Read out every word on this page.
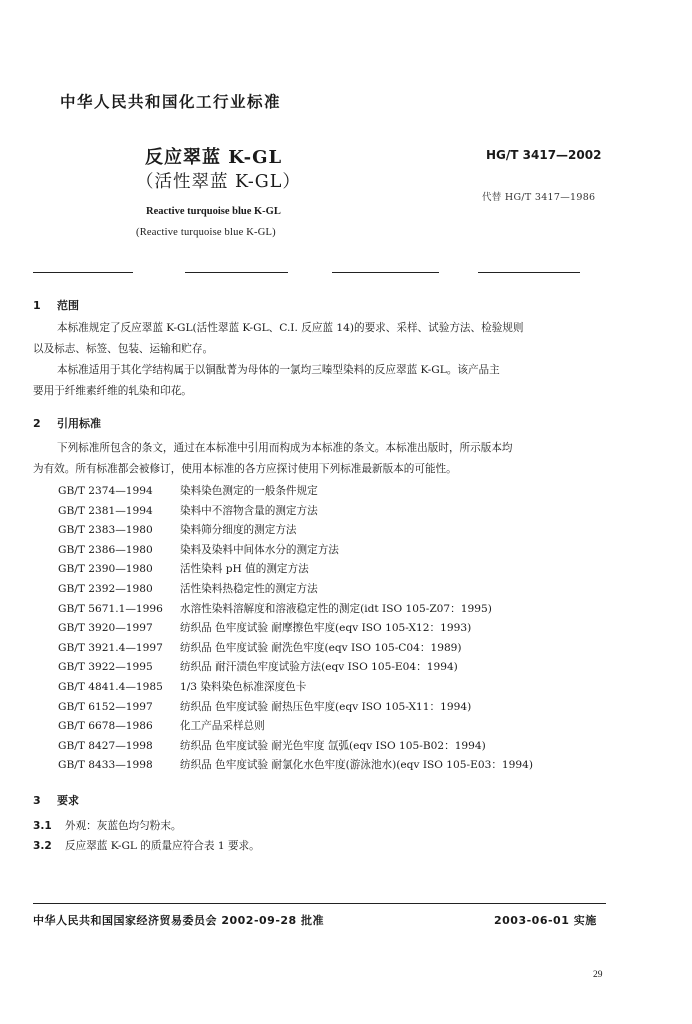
中华人民共和国化工行业标准
反应翠蓝 K-GL
（活性翠蓝 K-GL）
HG/T 3417—2002
代替 HG/T 3417—1986
Reactive turquoise blue K-GL
(Reactive turquoise blue K-GL)
1 范围

本标准规定了反应翠蓝 K-GL(活性翠蓝 K-GL、C.I. 反应蓝 14)的要求、采样、试验方法、检验规则

以及标志、标签、包装、运输和贮存。

本标准适用于其化学结构属于以铜酞菁为母体的一氯均三嗪型染料的反应翠蓝 K-GL。该产品主

要用于纤维素纤维的轧染和印花。

2 引用标准

下列标准所包含的条文，通过在本标准中引用而构成为本标准的条文。本标准出版时，所示版本均

为有效。所有标准都会被修订，使用本标准的各方应探讨使用下列标准最新版本的可能性。

GB/T 2374—1994	染料染色测定的一般条件规定
GB/T 2381—1994	染料中不溶物含量的测定方法
GB/T 2383—1980	染料筛分细度的测定方法
GB/T 2386—1980	染料及染料中间体水分的测定方法
GB/T 2390—1980	活性染料 pH 值的测定方法
GB/T 2392—1980	活性染料热稳定性的测定方法
GB/T 5671.1—1996 水溶性染料溶解度和溶液稳定性的测定(idt ISO 105-Z07：1995)
GB/T 3920—1997	纺织品 色牢度试验 耐摩擦色牢度(eqv ISO 105-X12：1993)
GB/T 3921.4—1997 纺织品 色牢度试验 耐洗色牢度(eqv ISO 105-C04：1989)
GB/T 3922—1995	纺织品 耐汗渍色牢度试验方法(eqv ISO 105-E04：1994)
GB/T 4841.4—1985 1/3 染料染色标准深度色卡
GB/T 6152—1997	纺织品 色牢度试验 耐热压色牢度(eqv ISO 105-X11：1994)
GB/T 6678—1986	化工产品采样总则
GB/T 8427—1998	纺织品 色牢度试验 耐光色牢度 氙弧(eqv ISO 105-B02：1994)
GB/T 8433—1998	纺织品 色牢度试验 耐氯化水色牢度(游泳池水)(eqv ISO 105-E03：1994)
3 要求
3.1 外观：灰蓝色均匀粉末。
3.2 反应翠蓝 K-GL 的质量应符合表 1 要求。
中华人民共和国国家经济贸易委员会 2002-09-28 批准	2003-06-01 实施
29
